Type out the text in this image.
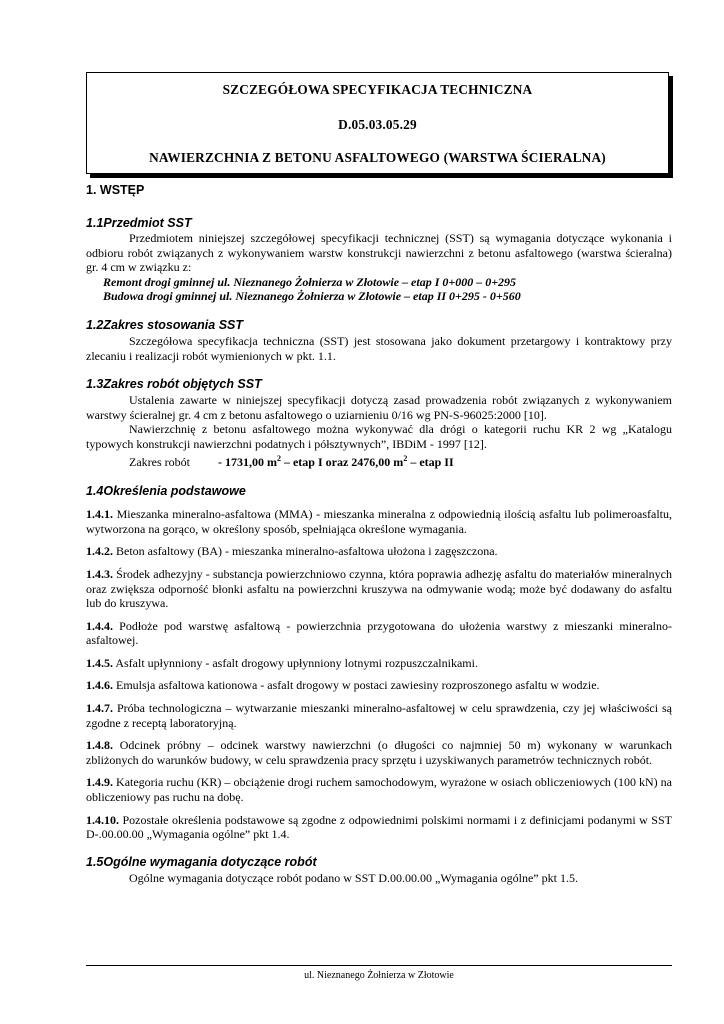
SZCZEGÓŁOWA SPECYFIKACJA TECHNICZNA
D.05.03.05.29
NAWIERZCHNIA Z BETONU ASFALTOWEGO (WARSTWA ŚCIERALNA)
1. WSTĘP
1.1Przedmiot SST

Przedmiotem niniejszej szczegółowej specyfikacji technicznej (SST) są wymagania dotyczące wykonania i odbioru robót związanych z wykonywaniem warstw konstrukcji nawierzchni z betonu asfaltowego (warstwa ścieralna) gr. 4 cm w związku z:

Remont drogi gminnej ul. Nieznanego Żołnierza w Złotowie – etap I 0+000 – 0+295

Budowa drogi gminnej ul. Nieznanego Żołnierza w Złotowie – etap II 0+295 - 0+560

1.2Zakres stosowania SST

Szczegółowa specyfikacja techniczna (SST) jest stosowana jako dokument przetargowy i kontraktowy przy zlecaniu i realizacji robót wymienionych w pkt. 1.1.

1.3Zakres robót objętych SST

Ustalenia zawarte w niniejszej specyfikacji dotyczą zasad prowadzenia robót związanych z wykonywaniem warstwy ścieralnej gr. 4 cm z betonu asfaltowego o uziarnieniu 0/16 wg PN-S-96025:2000 [10].

Nawierzchnię z betonu asfaltowego można wykonywać dla drógi o kategorii ruchu KR 2 wg „Katalogu typowych konstrukcji nawierzchni podatnych i półsztywnych”, IBDiM - 1997 [12].

Zakres robót - 1731,00 $m^2$ – etap I oraz 2476,00 $m^2$ – etap II

1.4Określenia podstawowe

1.4.1. Mieszanka mineralno-asfaltowa (MMA) - mieszanka mineralna z odpowiednią ilością asfaltu lub polimeroasfaltu, wytworzona na gorąco, w określony sposób, spełniająca określone wymagania.

1.4.2. Beton asfaltowy (BA) - mieszanka mineralno-asfaltowa ułożona i zagęszczona.

1.4.3. Środek adhezyjny - substancja powierzchniowo czynna, która poprawia adhezję asfaltu do materiałów mineralnych oraz zwiększa odporność błonki asfaltu na powierzchni kruszywa na odmywanie wodą; może być dodawany do asfaltu lub do kruszywa.

1.4.4. Podłoże pod warstwę asfaltową - powierzchnia przygotowana do ułożenia warstwy z mieszanki mineralno-asfaltowej.

1.4.5. Asfalt upłynniony - asfalt drogowy upłynniony lotnymi rozpuszczalnikami.

1.4.6. Emulsja asfaltowa kationowa - asfalt drogowy w postaci zawiesiny rozproszonego asfaltu w wodzie.

1.4.7. Próba technologiczna – wytwarzanie mieszanki mineralno-asfaltowej w celu sprawdzenia, czy jej właściwości są zgodne z receptą laboratoryjną.

1.4.8. Odcinek próbny – odcinek warstwy nawierzchni (o długości co najmniej 50 m) wykonany w warunkach zbliżonych do warunków budowy, w celu sprawdzenia pracy sprzętu i uzyskiwanych parametrów technicznych robót.

1.4.9. Kategoria ruchu (KR) – obciążenie drogi ruchem samochodowym, wyrażone w osiach obliczeniowych (100 kN) na obliczeniowy pas ruchu na dobę.

1.4.10. Pozostałe określenia podstawowe są zgodne z odpowiednimi polskimi normami i z definicjami podanymi w SST D-.00.00.00 „Wymagania ogólne” pkt 1.4.

1.5Ogólne wymagania dotyczące robót

Ogólne wymagania dotyczące robót podano w SST D.00.00.00 „Wymagania ogólne” pkt 1.5.

ul. Nieznanego Żołnierza w Złotowie
